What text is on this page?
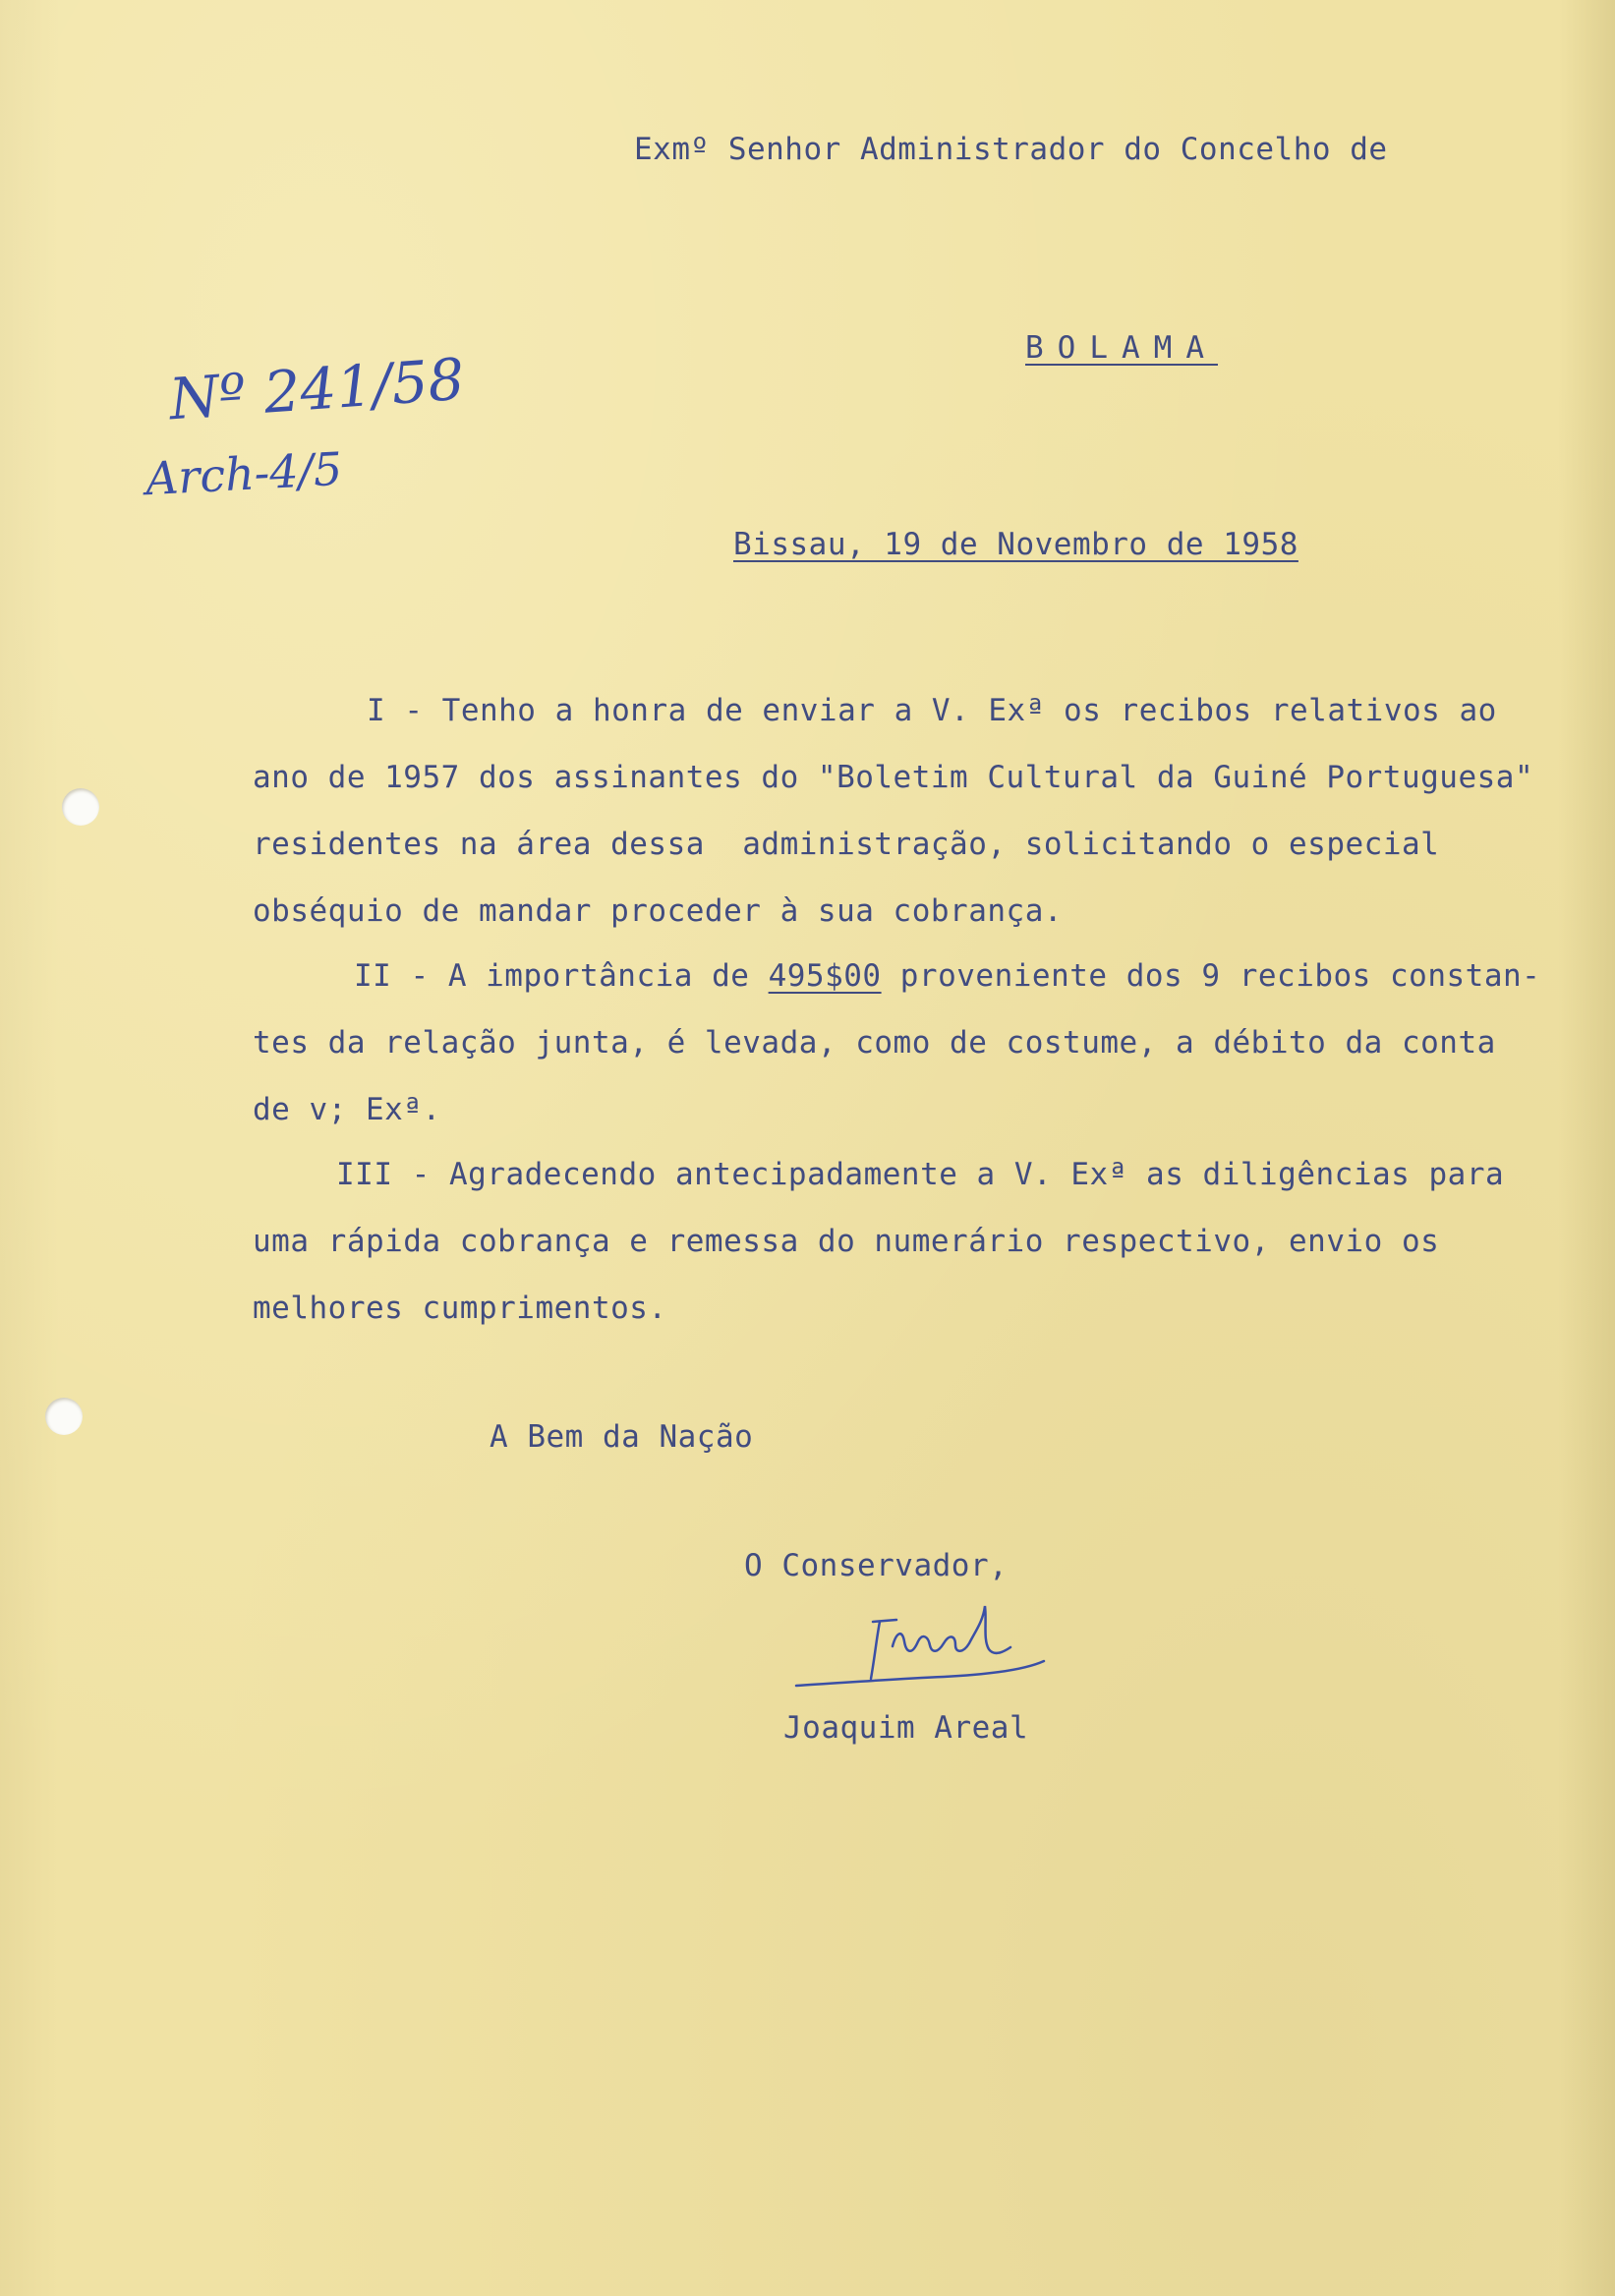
Nº 241/58
Arch-4/5
Exmº Senhor Administrador do Concelho de
BOLAMA
Bissau, 19 de Novembro de 1958
I - Tenho a honra de enviar a V. Exª os recibos relativos ao
ano de 1957 dos assinantes do "Boletim Cultural da Guiné Portuguesa"
residentes na área dessa  administração, solicitando o especial
obséquio de mandar proceder à sua cobrança.
II - A importância de 495$00 proveniente dos 9 recibos constan-
tes da relação junta, é levada, como de costume, a débito da conta
de v; Exª.
III - Agradecendo antecipadamente a V. Exª as diligências para
uma rápida cobrança e remessa do numerário respectivo, envio os
melhores cumprimentos.
A Bem da Nação
O Conservador,
Joaquim Areal
